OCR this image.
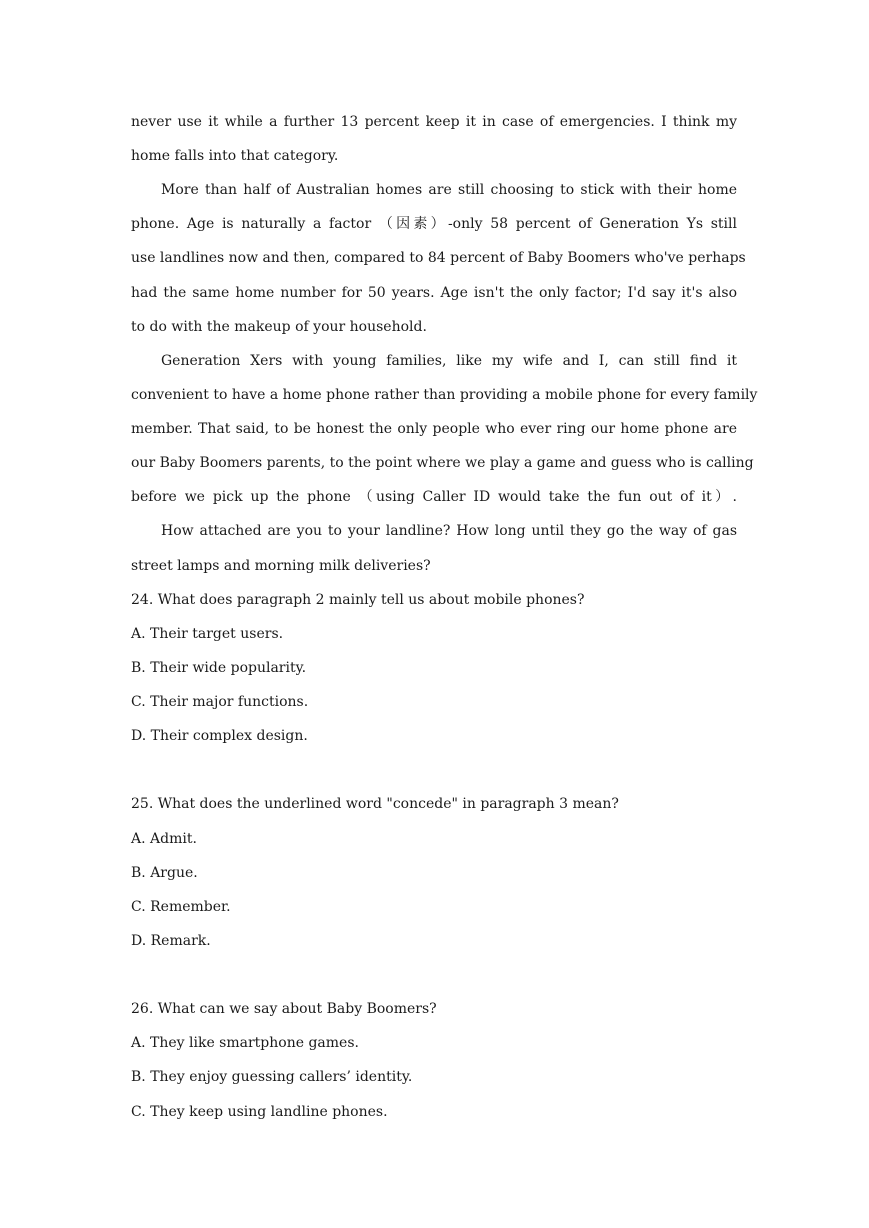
never use it while a further 13 percent keep it in case of emergencies. I think my
home falls into that category.
More than half of Australian homes are still choosing to stick with their home
phone. Age is naturally a factor （因素）-only 58 percent of Generation Ys still
use landlines now and then, compared to 84 percent of Baby Boomers who've perhaps
had the same home number for 50 years. Age isn't the only factor; I'd say it's also
to do with the makeup of your household.
Generation Xers with young families, like my wife and I, can still find it
convenient to have a home phone rather than providing a mobile phone for every family
member. That said, to be honest the only people who ever ring our home phone are
our Baby Boomers parents, to the point where we play a game and guess who is calling
before we pick up the phone （using Caller ID would take the fun out of it）.
How attached are you to your landline? How long until they go the way of gas
street lamps and morning milk deliveries?
24. What does paragraph 2 mainly tell us about mobile phones?
A. Their target users.
B. Their wide popularity.
C. Their major functions.
D. Their complex design.
25. What does the underlined word "concede" in paragraph 3 mean?
A. Admit.
B. Argue.
C. Remember.
D. Remark.
26. What can we say about Baby Boomers?
A. They like smartphone games.
B. They enjoy guessing callers’ identity.
C. They keep using landline phones.
